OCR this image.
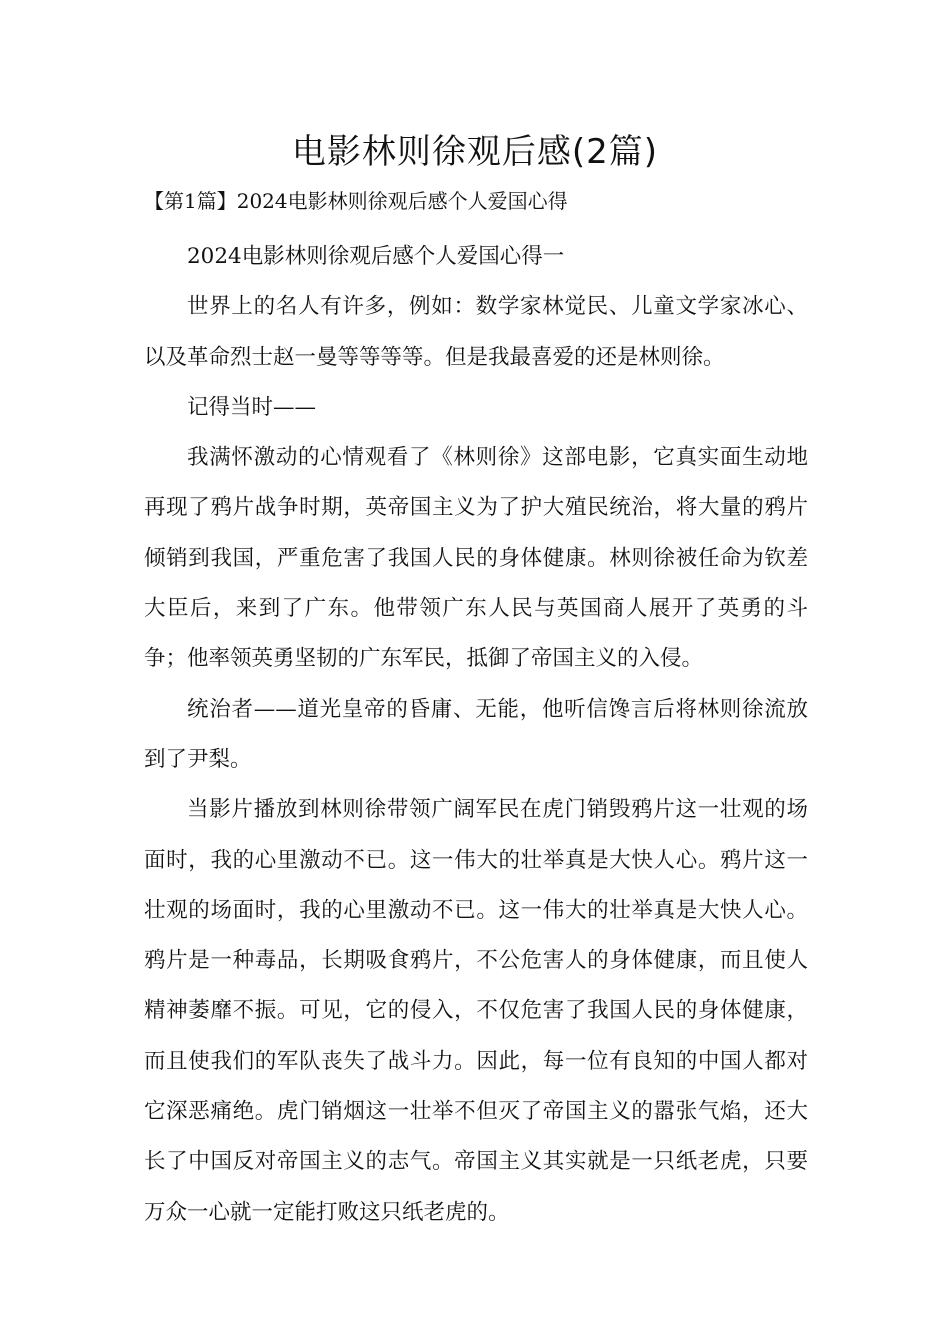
电影林则徐观后感(2篇)

【第1篇】2024电影林则徐观后感个人爱国心得

2024电影林则徐观后感个人爱国心得一

世界上的名人有许多，例如：数学家林觉民、儿童文学家冰心、以及革命烈士赵一曼等等等等。但是我最喜爱的还是林则徐。

记得当时——

我满怀激动的心情观看了《林则徐》这部电影，它真实面生动地再现了鸦片战争时期，英帝国主义为了护大殖民统治，将大量的鸦片倾销到我国，严重危害了我国人民的身体健康。林则徐被任命为钦差大臣后，来到了广东。他带领广东人民与英国商人展开了英勇的斗争；他率领英勇坚韧的广东军民，抵御了帝国主义的入侵。

统治者——道光皇帝的昏庸、无能，他听信馋言后将林则徐流放到了尹梨。

当影片播放到林则徐带领广阔军民在虎门销毁鸦片这一壮观的场面时，我的心里激动不已。这一伟大的壮举真是大快人心。鸦片这一壮观的场面时，我的心里激动不已。这一伟大的壮举真是大快人心。鸦片是一种毒品，长期吸食鸦片，不公危害人的身体健康，而且使人精神萎靡不振。可见，它的侵入，不仅危害了我国人民的身体健康，而且使我们的军队丧失了战斗力。因此，每一位有良知的中国人都对它深恶痛绝。虎门销烟这一壮举不但灭了帝国主义的嚣张气焰，还大长了中国反对帝国主义的志气。帝国主义其实就是一只纸老虎，只要万众一心就一定能打败这只纸老虎的。
